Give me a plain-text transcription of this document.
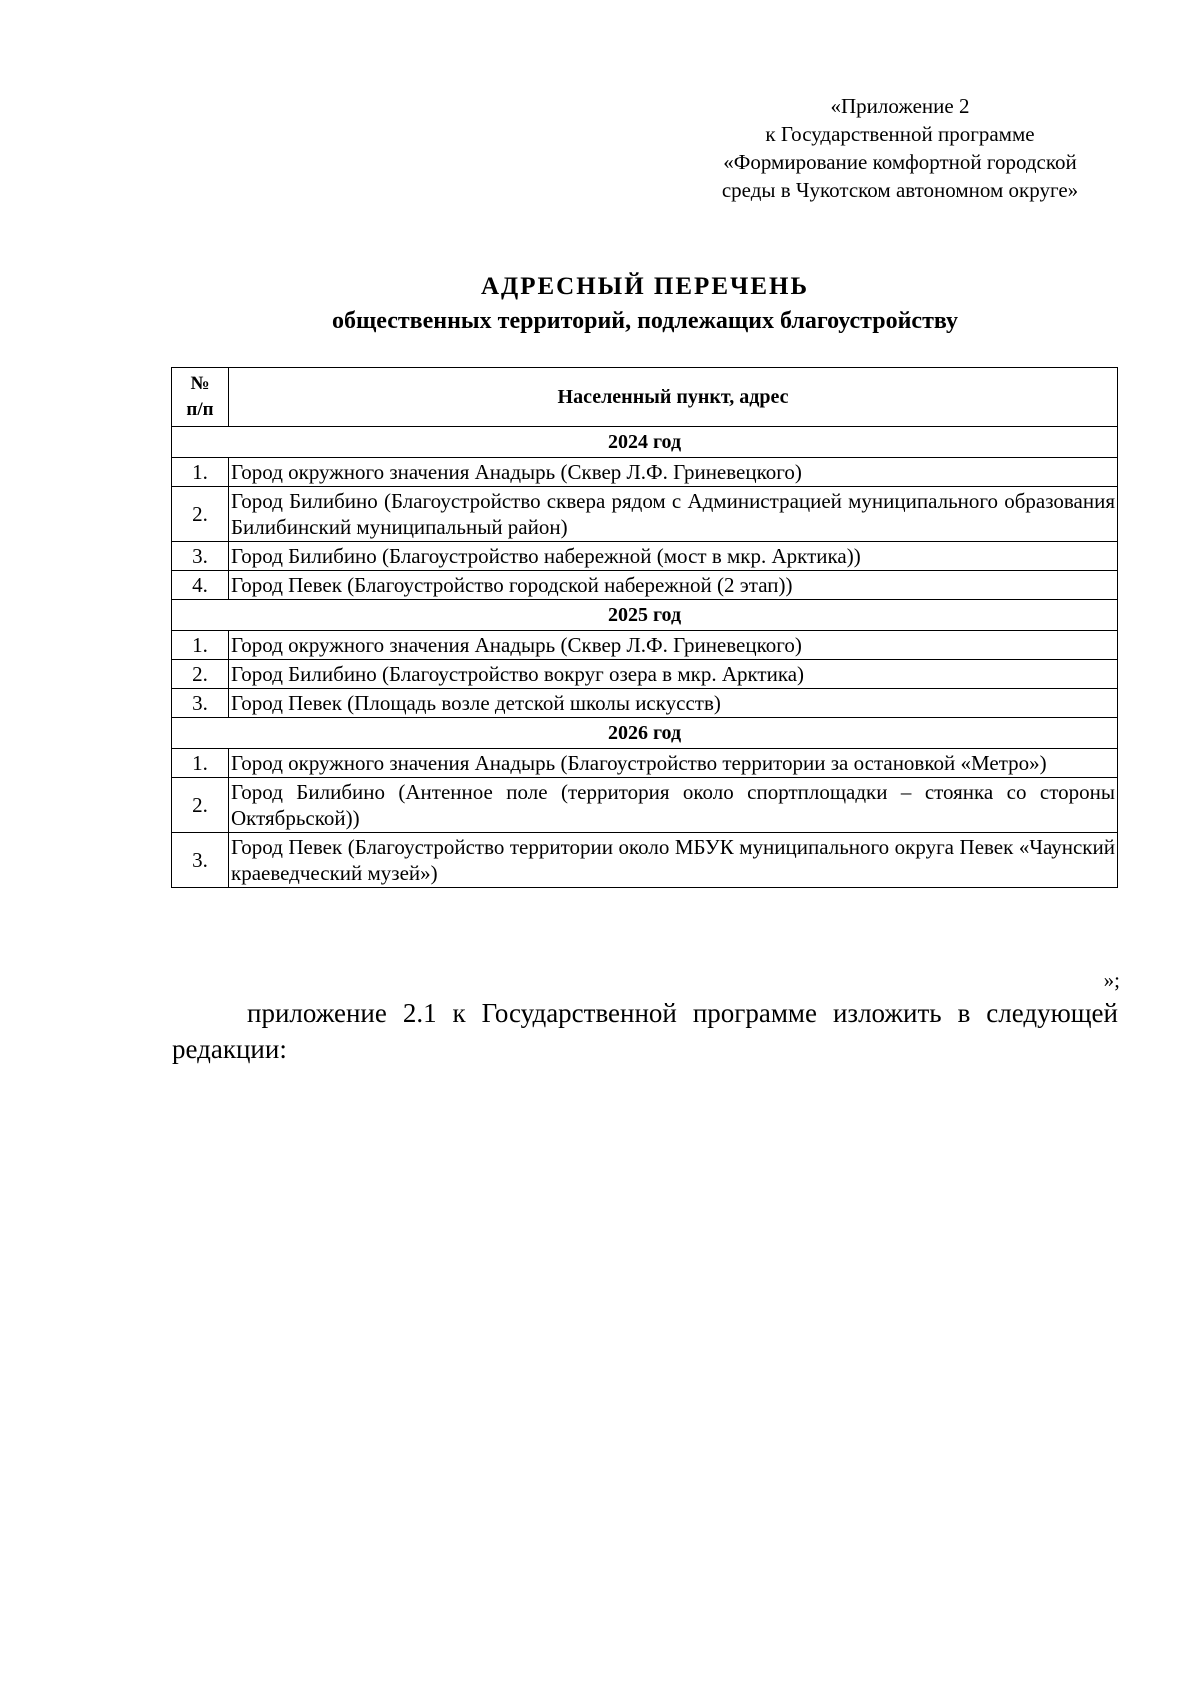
«Приложение 2
к Государственной программе
«Формирование комфортной городской
среды в Чукотском автономном округе»
АДРЕСНЫЙ ПЕРЕЧЕНЬ
общественных территорий, подлежащих благоустройству
№
п/п	Населенный пункт, адрес
2024 год	
1.	Город окружного значения Анадырь (Сквер Л.Ф. Гриневецкого)
2.	Город Билибино (Благоустройство сквера рядом с Администрацией муниципального образования Билибинский муниципальный район)
3.	Город Билибино (Благоустройство набережной (мост в мкр. Арктика))
4.	Город Певек (Благоустройство городской набережной (2 этап))
2025 год	
1.	Город окружного значения Анадырь (Сквер Л.Ф. Гриневецкого)
2.	Город Билибино (Благоустройство вокруг озера в мкр. Арктика)
3.	Город Певек (Площадь возле детской школы искусств)
2026 год	
1.	Город окружного значения Анадырь (Благоустройство территории за остановкой «Метро»)
2.	Город Билибино (Антенное поле (территория около спортплощадки – стоянка со стороны Октябрьской))
3.	Город Певек (Благоустройство территории около МБУК муниципального округа Певек «Чаунский краеведческий музей»)
»;
приложение 2.1 к Государственной программе изложить в следующей редакции:
